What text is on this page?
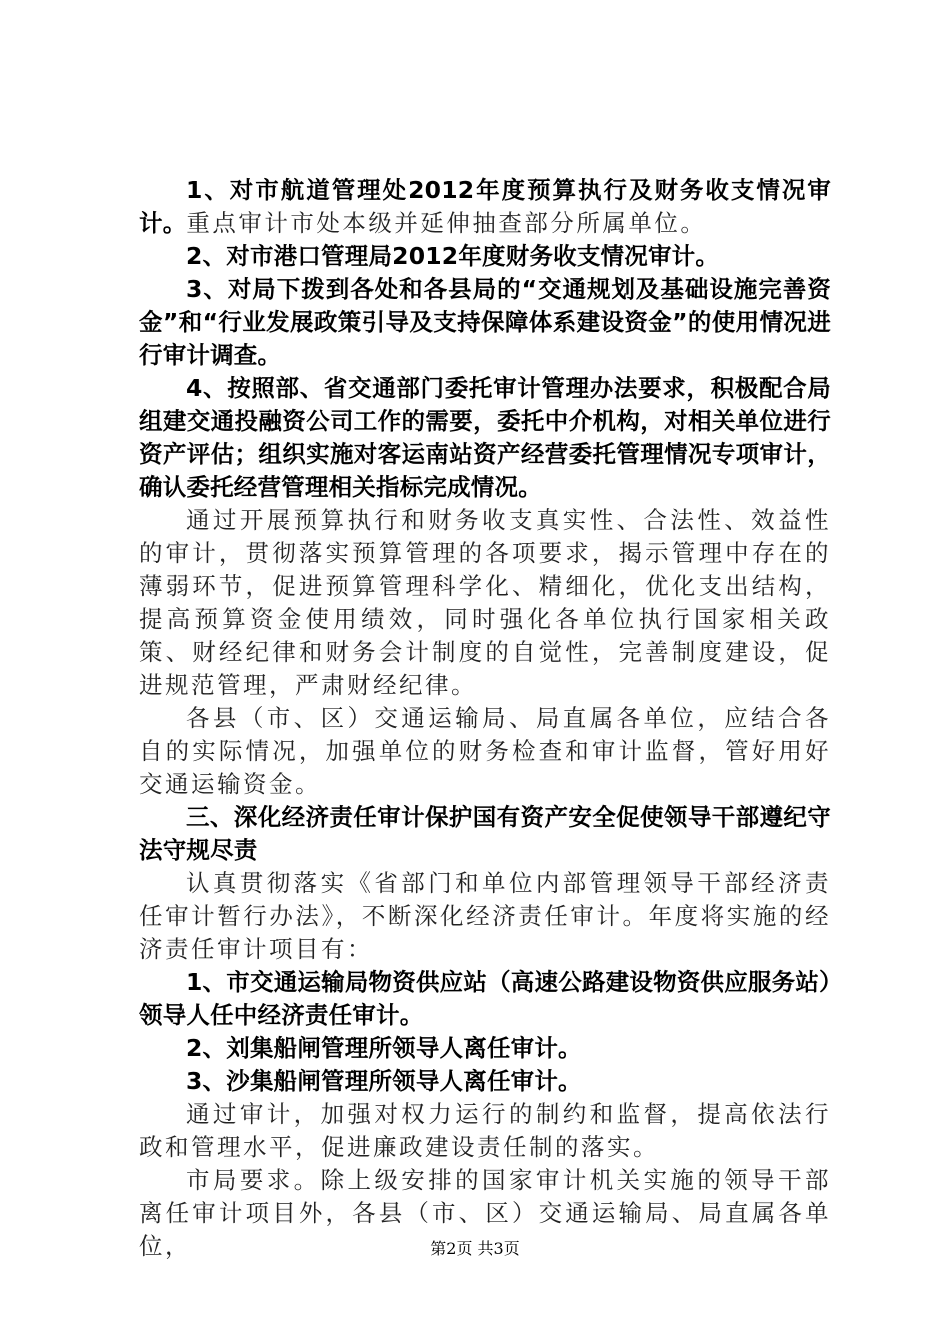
1、对市航道管理处2012年度预算执行及财务收支情况审计。重点审计市处本级并延伸抽查部分所属单位。

2、对市港口管理局2012年度财务收支情况审计。

3、对局下拨到各处和各县局的“交通规划及基础设施完善资金”和“行业发展政策引导及支持保障体系建设资金”的使用情况进行审计调查。

4、按照部、省交通部门委托审计管理办法要求，积极配合局组建交通投融资公司工作的需要，委托中介机构，对相关单位进行资产评估；组织实施对客运南站资产经营委托管理情况专项审计，确认委托经营管理相关指标完成情况。

通过开展预算执行和财务收支真实性、合法性、效益性的审计，贯彻落实预算管理的各项要求，揭示管理中存在的薄弱环节，促进预算管理科学化、精细化，优化支出结构，提高预算资金使用绩效，同时强化各单位执行国家相关政策、财经纪律和财务会计制度的自觉性，完善制度建设，促进规范管理，严肃财经纪律。

各县（市、区）交通运输局、局直属各单位，应结合各自的实际情况，加强单位的财务检查和审计监督，管好用好交通运输资金。

三、深化经济责任审计保护国有资产安全促使领导干部遵纪守法守规尽责

认真贯彻落实《省部门和单位内部管理领导干部经济责任审计暂行办法》，不断深化经济责任审计。年度将实施的经济责任审计项目有：

1、市交通运输局物资供应站（高速公路建设物资供应服务站）领导人任中经济责任审计。

2、刘集船闸管理所领导人离任审计。

3、沙集船闸管理所领导人离任审计。

通过审计，加强对权力运行的制约和监督，提高依法行政和管理水平，促进廉政建设责任制的落实。

市局要求。除上级安排的国家审计机关实施的领导干部离任审计项目外，各县（市、区）交通运输局、局直属各单位，	第2页 共3页
